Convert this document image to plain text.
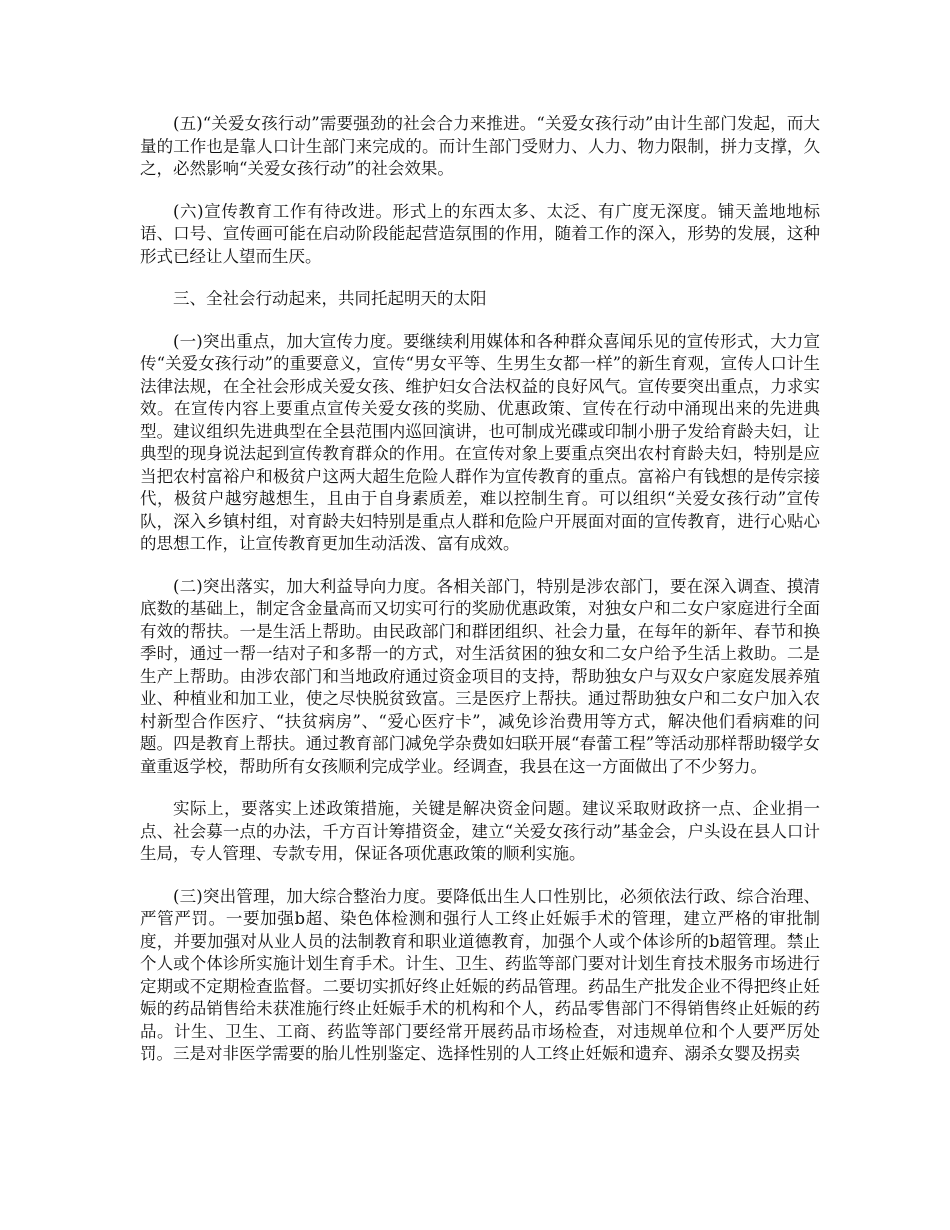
(五)“关爱女孩行动”需要强劲的社会合力来推进。“关爱女孩行动”由计生部门发起，而大量的工作也是靠人口计生部门来完成的。而计生部门受财力、人力、物力限制，拼力支撑，久之，必然影响“关爱女孩行动”的社会效果。

(六)宣传教育工作有待改进。形式上的东西太多、太泛、有广度无深度。铺天盖地地标语、口号、宣传画可能在启动阶段能起营造氛围的作用，随着工作的深入，形势的发展，这种形式已经让人望而生厌。

三、全社会行动起来，共同托起明天的太阳

(一)突出重点，加大宣传力度。要继续利用媒体和各种群众喜闻乐见的宣传形式，大力宣传“关爱女孩行动”的重要意义，宣传“男女平等、生男生女都一样”的新生育观，宣传人口计生法律法规，在全社会形成关爱女孩、维护妇女合法权益的良好风气。宣传要突出重点，力求实效。在宣传内容上要重点宣传关爱女孩的奖励、优惠政策、宣传在行动中涌现出来的先进典型。建议组织先进典型在全县范围内巡回演讲，也可制成光碟或印制小册子发给育龄夫妇，让典型的现身说法起到宣传教育群众的作用。在宣传对象上要重点突出农村育龄夫妇，特别是应当把农村富裕户和极贫户这两大超生危险人群作为宣传教育的重点。富裕户有钱想的是传宗接代，极贫户越穷越想生，且由于自身素质差，难以控制生育。可以组织“关爱女孩行动”宣传队，深入乡镇村组，对育龄夫妇特别是重点人群和危险户开展面对面的宣传教育，进行心贴心的思想工作，让宣传教育更加生动活泼、富有成效。

(二)突出落实，加大利益导向力度。各相关部门，特别是涉农部门，要在深入调查、摸清底数的基础上，制定含金量高而又切实可行的奖励优惠政策，对独女户和二女户家庭进行全面有效的帮扶。一是生活上帮助。由民政部门和群团组织、社会力量，在每年的新年、春节和换季时，通过一帮一结对子和多帮一的方式，对生活贫困的独女和二女户给予生活上救助。二是生产上帮助。由涉农部门和当地政府通过资金项目的支持，帮助独女户与双女户家庭发展养殖业、种植业和加工业，使之尽快脱贫致富。三是医疗上帮扶。通过帮助独女户和二女户加入农村新型合作医疗、“扶贫病房”、“爱心医疗卡”，减免诊治费用等方式，解决他们看病难的问题。四是教育上帮扶。通过教育部门减免学杂费如妇联开展“春蕾工程”等活动那样帮助辍学女童重返学校，帮助所有女孩顺利完成学业。经调查，我县在这一方面做出了不少努力。

实际上，要落实上述政策措施，关键是解决资金问题。建议采取财政挤一点、企业捐一点、社会募一点的办法，千方百计筹措资金，建立“关爱女孩行动”基金会，户头设在县人口计生局，专人管理、专款专用，保证各项优惠政策的顺利实施。

(三)突出管理，加大综合整治力度。要降低出生人口性别比，必须依法行政、综合治理、严管严罚。一要加强b超、染色体检测和强行人工终止妊娠手术的管理，建立严格的审批制度，并要加强对从业人员的法制教育和职业道德教育，加强个人或个体诊所的b超管理。禁止个人或个体诊所实施计划生育手术。计生、卫生、药监等部门要对计划生育技术服务市场进行定期或不定期检查监督。二要切实抓好终止妊娠的药品管理。药品生产批发企业不得把终止妊娠的药品销售给未获准施行终止妊娠手术的机构和个人，药品零售部门不得销售终止妊娠的药品。计生、卫生、工商、药监等部门要经常开展药品市场检查，对违规单位和个人要严厉处罚。三是对非医学需要的胎儿性别鉴定、选择性别的人工终止妊娠和遗弃、溺杀女婴及拐卖
